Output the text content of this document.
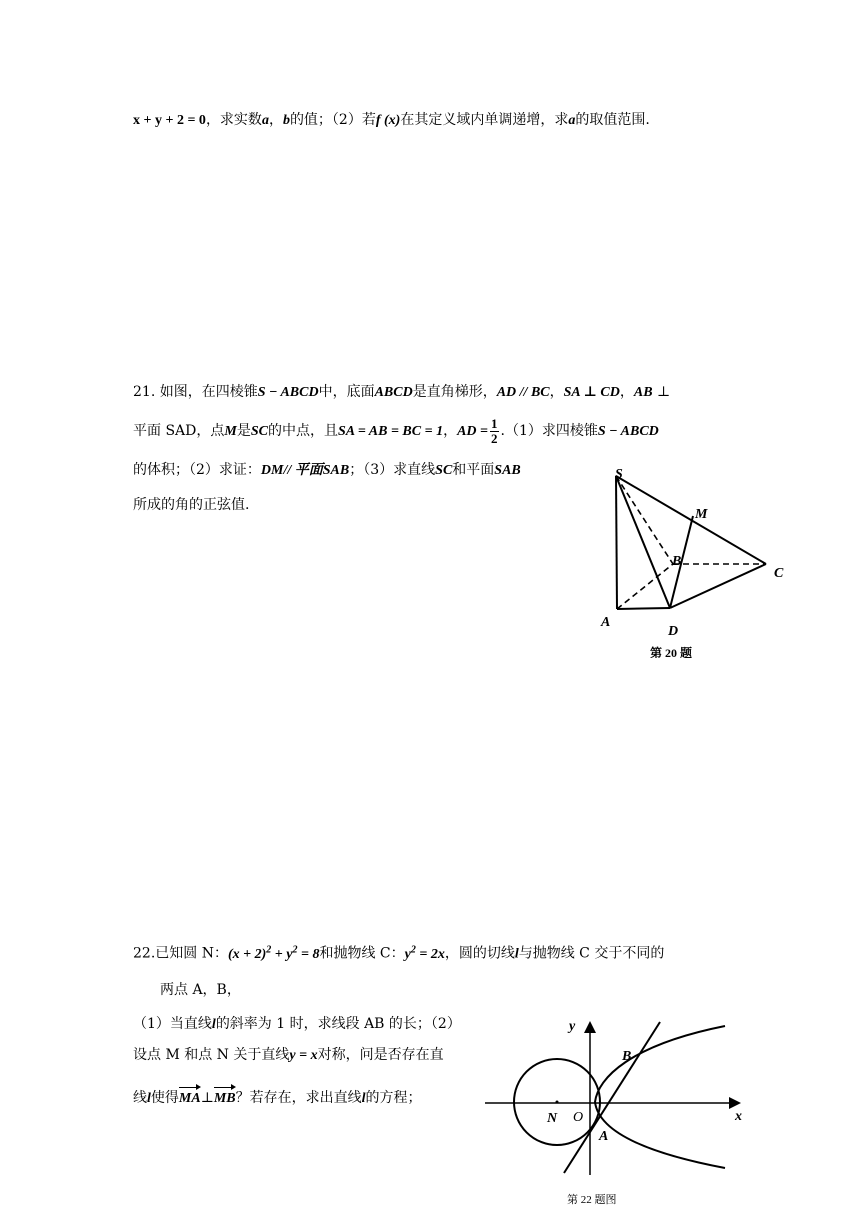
x + y + 2 = 0，求实数a，b的值；（2）若f (x)在其定义域内单调递增，求a的取值范围.
21. 如图，在四棱锥S − ABCD中，底面ABCD是直角梯形，AD // BC，SA ⊥ CD，AB ⊥
平面 SAD，点M是SC的中点，且SA = AB = BC = 1，AD = $\frac{1}{2} .(1)$求四棱锥S − ABCD
的体积；（2）求证：DM// 平面SAB；（3）求直线SC和平面SAB
所成的角的正弦值.
S
M
B
C
A
D
第 20 题
22.已知圆 N：$(x + 2)^2 + y^2 = 8$和抛物线 C：$y^2 = 2x$，圆的切线l与抛物线 C 交于不同的
两点 A，B，
（1）当直线l的斜率为 1 时，求线段 AB 的长；（2）
设点 M 和点 N 关于直线y = x对称，问是否存在直
线l使得MA⊥MB？若存在，求出直线l的方程；
y
x
B
N O
A
第 22 题图
